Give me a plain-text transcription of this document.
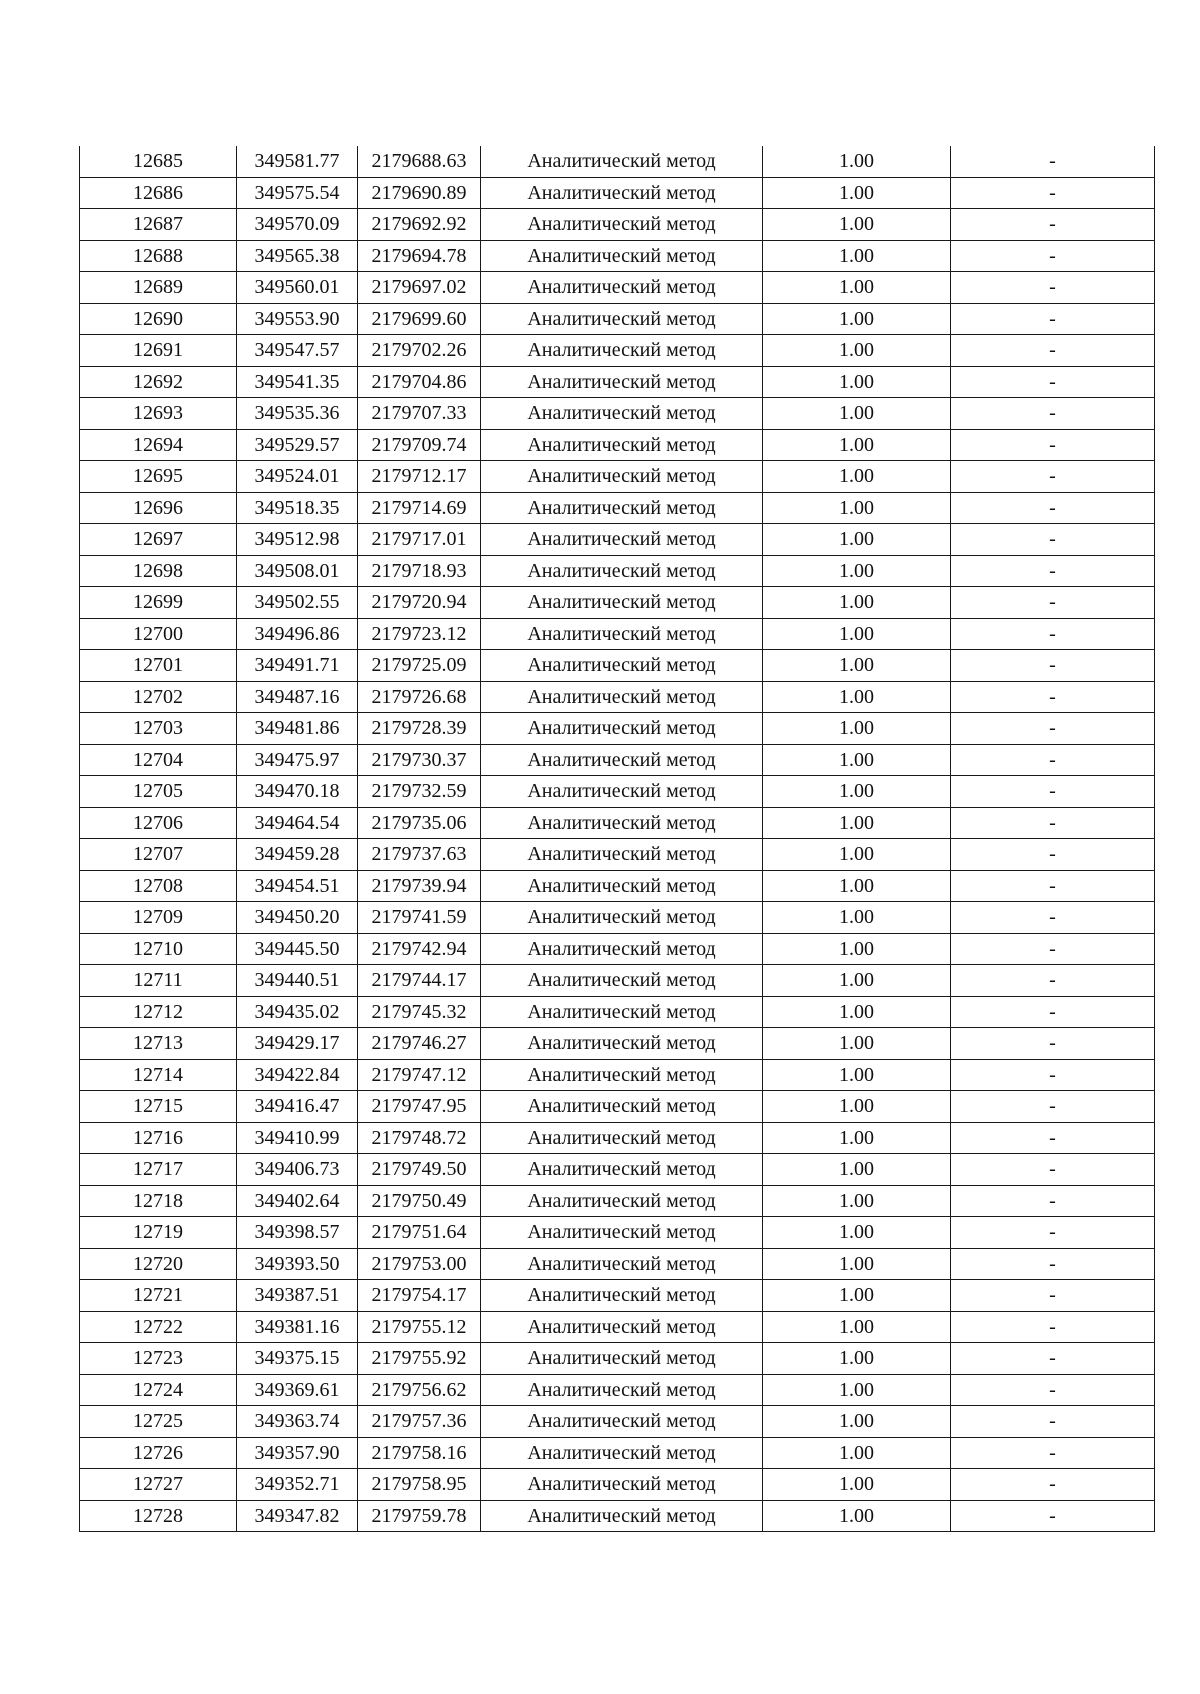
12685	349581.77	2179688.63	Аналитический метод	1.00	-
12686	349575.54	2179690.89	Аналитический метод	1.00	-
12687	349570.09	2179692.92	Аналитический метод	1.00	-
12688	349565.38	2179694.78	Аналитический метод	1.00	-
12689	349560.01	2179697.02	Аналитический метод	1.00	-
12690	349553.90	2179699.60	Аналитический метод	1.00	-
12691	349547.57	2179702.26	Аналитический метод	1.00	-
12692	349541.35	2179704.86	Аналитический метод	1.00	-
12693	349535.36	2179707.33	Аналитический метод	1.00	-
12694	349529.57	2179709.74	Аналитический метод	1.00	-
12695	349524.01	2179712.17	Аналитический метод	1.00	-
12696	349518.35	2179714.69	Аналитический метод	1.00	-
12697	349512.98	2179717.01	Аналитический метод	1.00	-
12698	349508.01	2179718.93	Аналитический метод	1.00	-
12699	349502.55	2179720.94	Аналитический метод	1.00	-
12700	349496.86	2179723.12	Аналитический метод	1.00	-
12701	349491.71	2179725.09	Аналитический метод	1.00	-
12702	349487.16	2179726.68	Аналитический метод	1.00	-
12703	349481.86	2179728.39	Аналитический метод	1.00	-
12704	349475.97	2179730.37	Аналитический метод	1.00	-
12705	349470.18	2179732.59	Аналитический метод	1.00	-
12706	349464.54	2179735.06	Аналитический метод	1.00	-
12707	349459.28	2179737.63	Аналитический метод	1.00	-
12708	349454.51	2179739.94	Аналитический метод	1.00	-
12709	349450.20	2179741.59	Аналитический метод	1.00	-
12710	349445.50	2179742.94	Аналитический метод	1.00	-
12711	349440.51	2179744.17	Аналитический метод	1.00	-
12712	349435.02	2179745.32	Аналитический метод	1.00	-
12713	349429.17	2179746.27	Аналитический метод	1.00	-
12714	349422.84	2179747.12	Аналитический метод	1.00	-
12715	349416.47	2179747.95	Аналитический метод	1.00	-
12716	349410.99	2179748.72	Аналитический метод	1.00	-
12717	349406.73	2179749.50	Аналитический метод	1.00	-
12718	349402.64	2179750.49	Аналитический метод	1.00	-
12719	349398.57	2179751.64	Аналитический метод	1.00	-
12720	349393.50	2179753.00	Аналитический метод	1.00	-
12721	349387.51	2179754.17	Аналитический метод	1.00	-
12722	349381.16	2179755.12	Аналитический метод	1.00	-
12723	349375.15	2179755.92	Аналитический метод	1.00	-
12724	349369.61	2179756.62	Аналитический метод	1.00	-
12725	349363.74	2179757.36	Аналитический метод	1.00	-
12726	349357.90	2179758.16	Аналитический метод	1.00	-
12727	349352.71	2179758.95	Аналитический метод	1.00	-
12728	349347.82	2179759.78	Аналитический метод	1.00	-
